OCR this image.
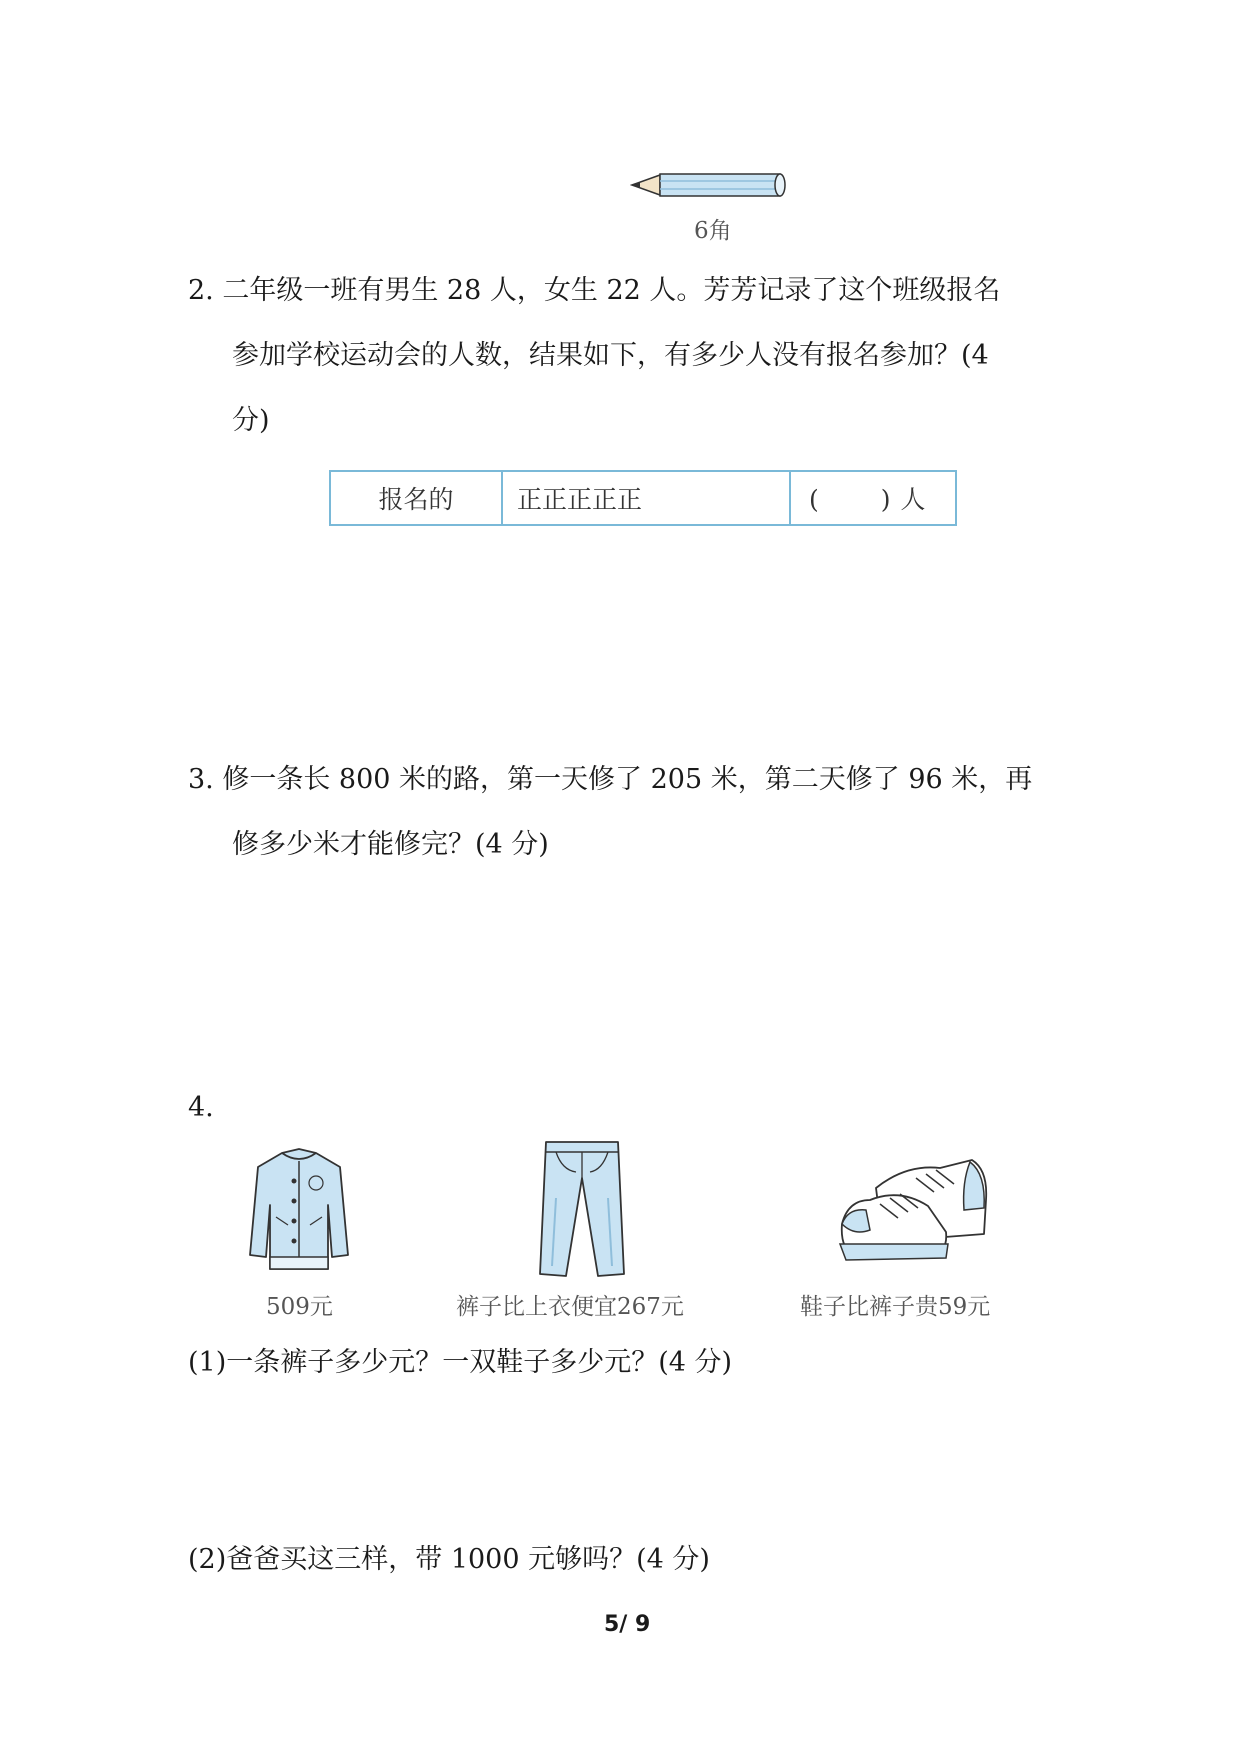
6角
2. 二年级一班有男生 28 人，女生 22 人。芳芳记录了这个班级报名
参加学校运动会的人数，结果如下，有多少人没有报名参加？(4
分)
报名的	正正正正正	(　　 ) 人
3. 修一条长 800 米的路，第一天修了 205 米，第二天修了 96 米，再
修多少米才能修完？(4 分)
4.
509元	裤子比上衣便宜267元	鞋子比裤子贵59元
(1)一条裤子多少元？一双鞋子多少元？(4 分)
(2)爸爸买这三样，带 1000 元够吗？(4 分)
5/ 9
